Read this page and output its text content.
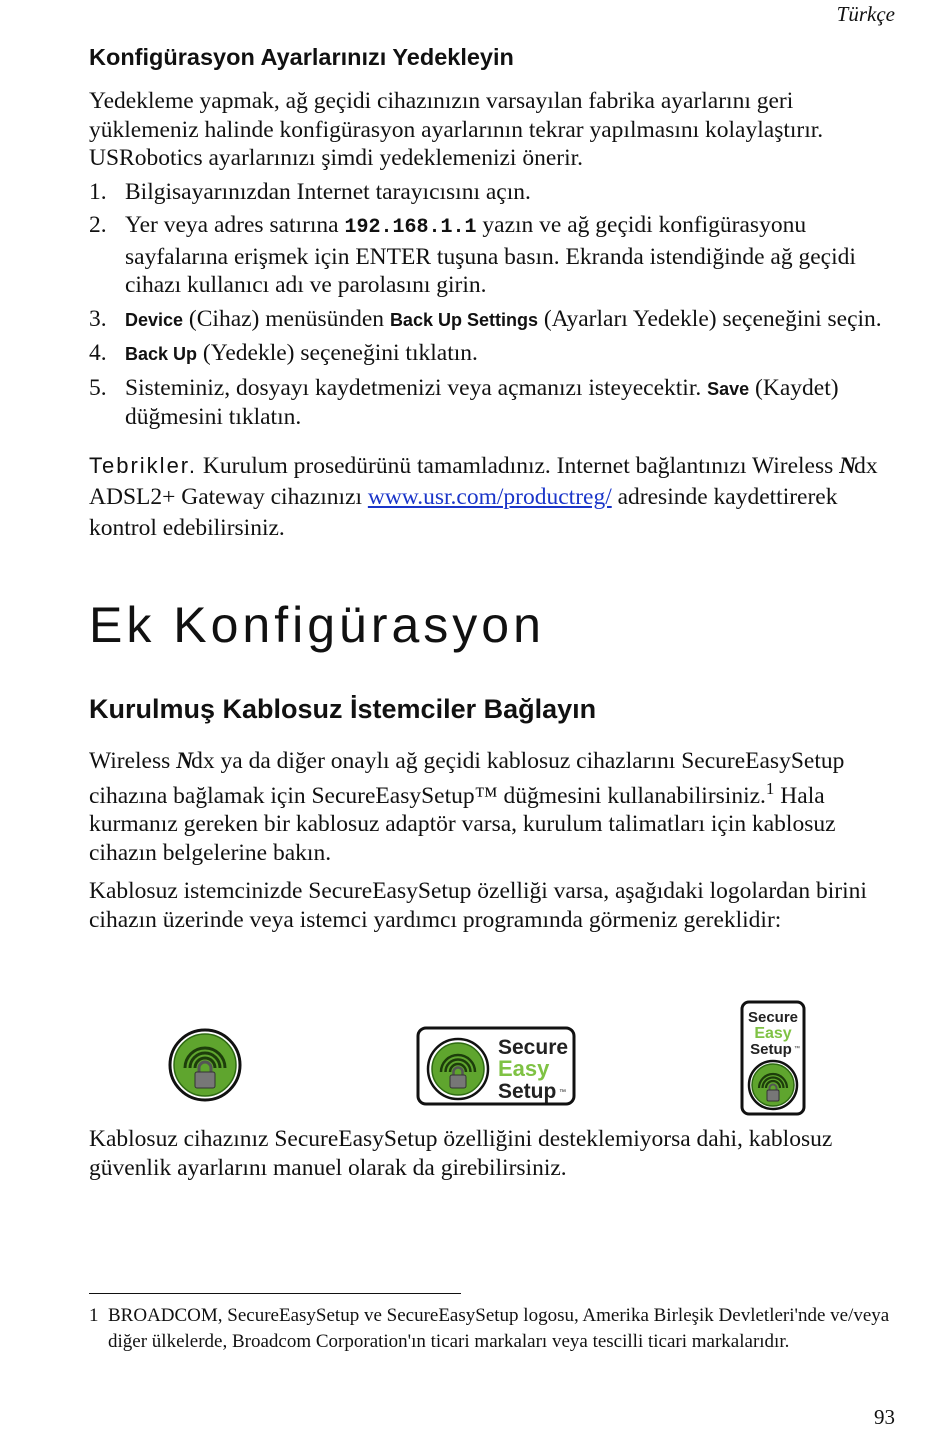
Türkçe
Konfigürasyon Ayarlarınızı Yedekleyin

Yedekleme yapmak, ağ geçidi cihazınızın varsayılan fabrika ayarlarını geri yüklemeniz halinde konfigürasyon ayarlarının tekrar yapılmasını kolaylaştırır. USRobotics ayarlarınızı şimdi yedeklemenizi önerir.

1. Bilgisayarınızdan Internet tarayıcısını açın.
2. Yer veya adres satırına 192.168.1.1 yazın ve ağ geçidi konfigürasyonu sayfalarına erişmek için ENTER tuşuna basın. Ekranda istendiğinde ağ geçidi cihazı kullanıcı adı ve parolasını girin.
3. Device (Cihaz) menüsünden Back Up Settings (Ayarları Yedekle) seçeneğini seçin.
4. Back Up (Yedekle) seçeneğini tıklatın.
5. Sisteminiz, dosyayı kaydetmenizi veya açmanızı isteyecektir. Save (Kaydet) düğmesini tıklatın.

Tebrikler. Kurulum prosedürünü tamamladınız. Internet bağlantınızı Wireless Ndx ADSL2+ Gateway cihazınızı www.usr.com/productreg/ adresinde kaydettirerek kontrol edebilirsiniz.

Ek Konfigürasyon
Kurulmuş Kablosuz İstemciler Bağlayın

Wireless Ndx ya da diğer onaylı ağ geçidi kablosuz cihazlarını SecureEasySetup cihazına bağlamak için SecureEasySetup™ düğmesini kullanabilirsiniz.$^1$ Hala kurmanız gereken bir kablosuz adaptör varsa, kurulum talimatları için kablosuz cihazın belgelerine bakın.

Kablosuz istemcinizde SecureEasySetup özelliği varsa, aşağıdaki logolardan birini cihazın üzerinde veya istemci yardımcı programında görmeniz gereklidir:

Secure
Easy
Setup ™
Secure
Easy
Setup ™

Kablosuz cihazınız SecureEasySetup özelliğini desteklemiyorsa dahi, kablosuz güvenlik ayarlarını manuel olarak da girebilirsiniz.

1 BROADCOM, SecureEasySetup ve SecureEasySetup logosu, Amerika Birleşik Devletleri'nde ve/veya diğer ülkelerde, Broadcom Corporation'ın ticari markaları veya tescilli ticari markalarıdır.
93
